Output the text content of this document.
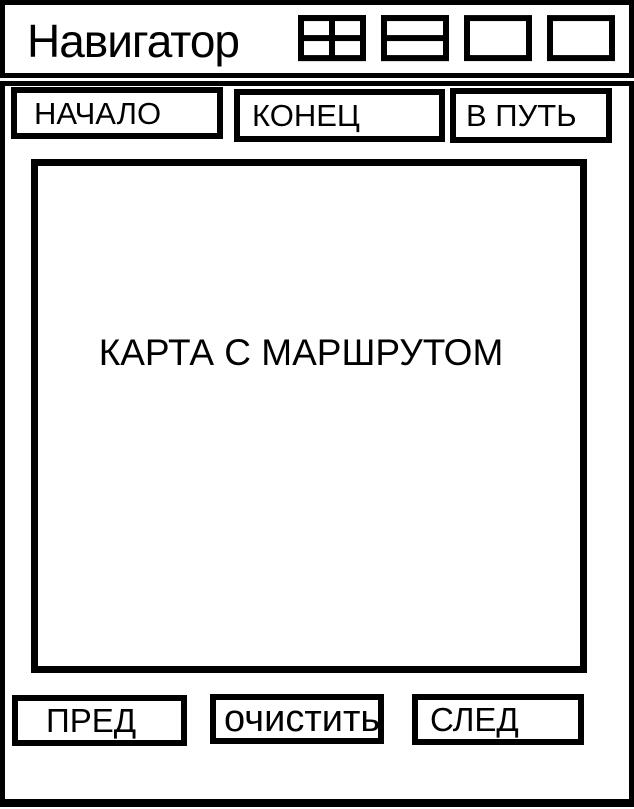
Навигатор
НАЧАЛО	КОНЕЦ	В ПУТЬ
КАРТА С МАРШРУТОМ
ПРЕД	очистить	СЛЕД
